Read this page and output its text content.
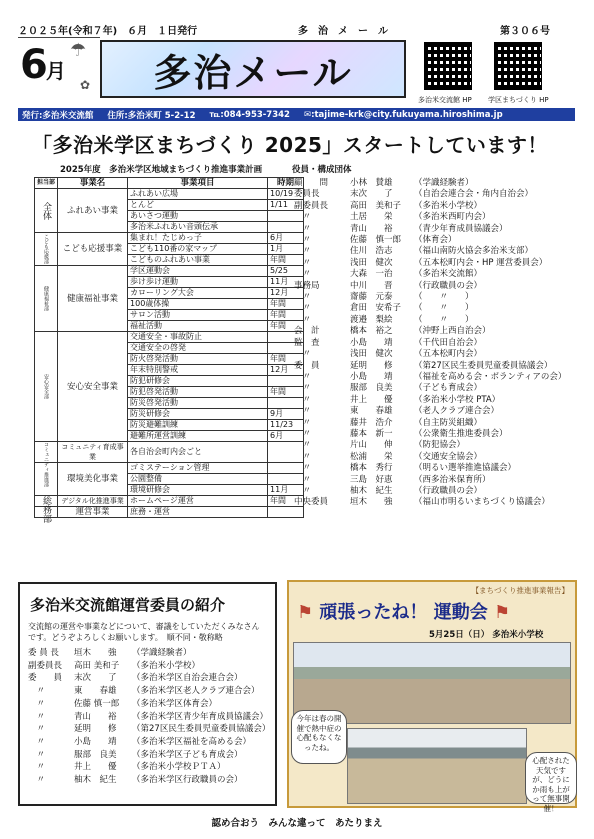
２０２５年(令和７年)　６月　１日発行	多　治　メ　ー　ル	第３０６号
6月
☂
✿ 多治メール
多治米交流館 HP 学区まちづくり HP
発行:多治米交流館 住所:多治米町 5-2-12 ℡:084-953-7342 ✉:tajime-krk@city.fukuyama.hiroshima.jp
「多治米学区まちづくり 2025」スタートしています！
2025年度　多治米学区地域まちづくり推進事業計画
担当部	事業名	事業項目	時期
全体	ふれあい事業	ふれあい広場	10/19
		とんど	1/11
		あいさつ運動	
		多治米ふれあい音頭伝承	
こども応援部	こども応援事業	集まれ！たじめっ子	6月
		こども110番の家マップ	1月
		こどものふれあい事業	年間
健康福祉部	健康福祉事業	学区運動会	5/25
		歩け歩け運動	11月
		カローリング大会	12月
		100歳体操	年間
		サロン活動	年間
		福祉活動	年間
安心安全部	安心安全事業	交通安全・事故防止	
		交通安全の啓発	
		防火啓発活動	年間
		年末特別警戒	12月
		防犯研修会	
		防犯啓発活動	年間
		防災啓発活動	
		防災研修会	9月
		防災避難訓練	11/23
		避難所運営訓練	6月
コミュニティ推進部	コミュニティ育成事業	各自治会町内会ごと	
	環境美化事業	ゴミステーション管理	
		公園整備	
		環境研修会	11月
総務部	デジタル化推進事業	ホームページ運営	年間
	運営事業	庶務・運営	
役員・構成団体
顧　　問	小林　賛雄	（学識経験者）
委員長	末次　　了	（自治会連合会・角内自治会）
副委員長	高田　美和子 （多治米小学校）
　〃	土居　　栄	（多治米西町内会）
　〃	青山　　裕	（青少年育成員協議会）
　〃	佐藤　慎一郎 （体育会）
　〃	住川　浩志	（福山南防火協会多治米支部）
　〃	浅田　健次	（五本松町内会・HP 運営委員会）
　〃	大森　一治	（多治米交流館）
事務局	中川　　晋	（行政職員の会）
　〃	齋藤　元泰	（　　〃　　）
　〃	倉田　安希子 （　　〃　　）
　〃	渡邉　梨絵	（　　〃　　）
会　計	橋本　裕之	（沖野上西自治会）
監　査	小島　　靖	（千代田自治会）
　〃	浅田　健次	（五本松町内会）
委　員	延明　　修	（第27区民生委員児童委員協議会）
　〃	小島　　靖	（福祉を高める会・ボランティアの会）
　〃	服部　良美	（子ども育成会）
　〃	井上　　優	（多治米小学校 PTA）
　〃	東　　春雄	（老人クラブ連合会）
　〃	藤井　浩介	（自主防災組織）
　〃	藤本　新一	（公衆衛生推進委員会）
　〃	片山　　伸	（防犯協会）
　〃	松浦　　栄	（交通安全協会）
　〃	橋本　秀行	（明るい選挙推進協議会）
　〃	三島　好恵	（西多治米保育所）
　〃	柚木　紀生	（行政職員の会）
中央委員	垣木　　強	（福山市明るいまちづくり協議会）
多治米交流館運営委員の紹介

交流館の運営や事業などについて、審議をしていただくみなさんです。どうぞよろしくお願いします。　順不同・敬称略

委 員 長 垣木　　強 （学識経験者）
副委員長 高田 美和子 （多治米小学校）
委　　員 末次　　了 （多治米学区自治会連合会）
　〃	東　　春雄 （多治米学区老人クラブ連合会）
　〃	佐藤 慎一郎 （多治米学区体育会）
　〃	青山　　裕 （多治米学区青少年育成員協議会）
　〃	延明　　修 （第27区民生委員児童委員協議会）
　〃	小島　　靖 （多治米学区福祉を高める会）
　〃	服部　良美 （多治米学区子ども育成会）
　〃	井上　　優 （多治米小学校ＰＴＡ）
　〃	柚木　紀生 （多治米学区行政職員の会）
【まちづくり推進事業報告】
⚑ 頑張ったね！ 運動会 ⚑
5月25日（日） 多治米小学校
今年は春の開催で熱中症の心配もなくなったね。
心配された天気ですが、どうにか雨も上がって無事開催！
認め合おう　みんな違って　あたりまえ
